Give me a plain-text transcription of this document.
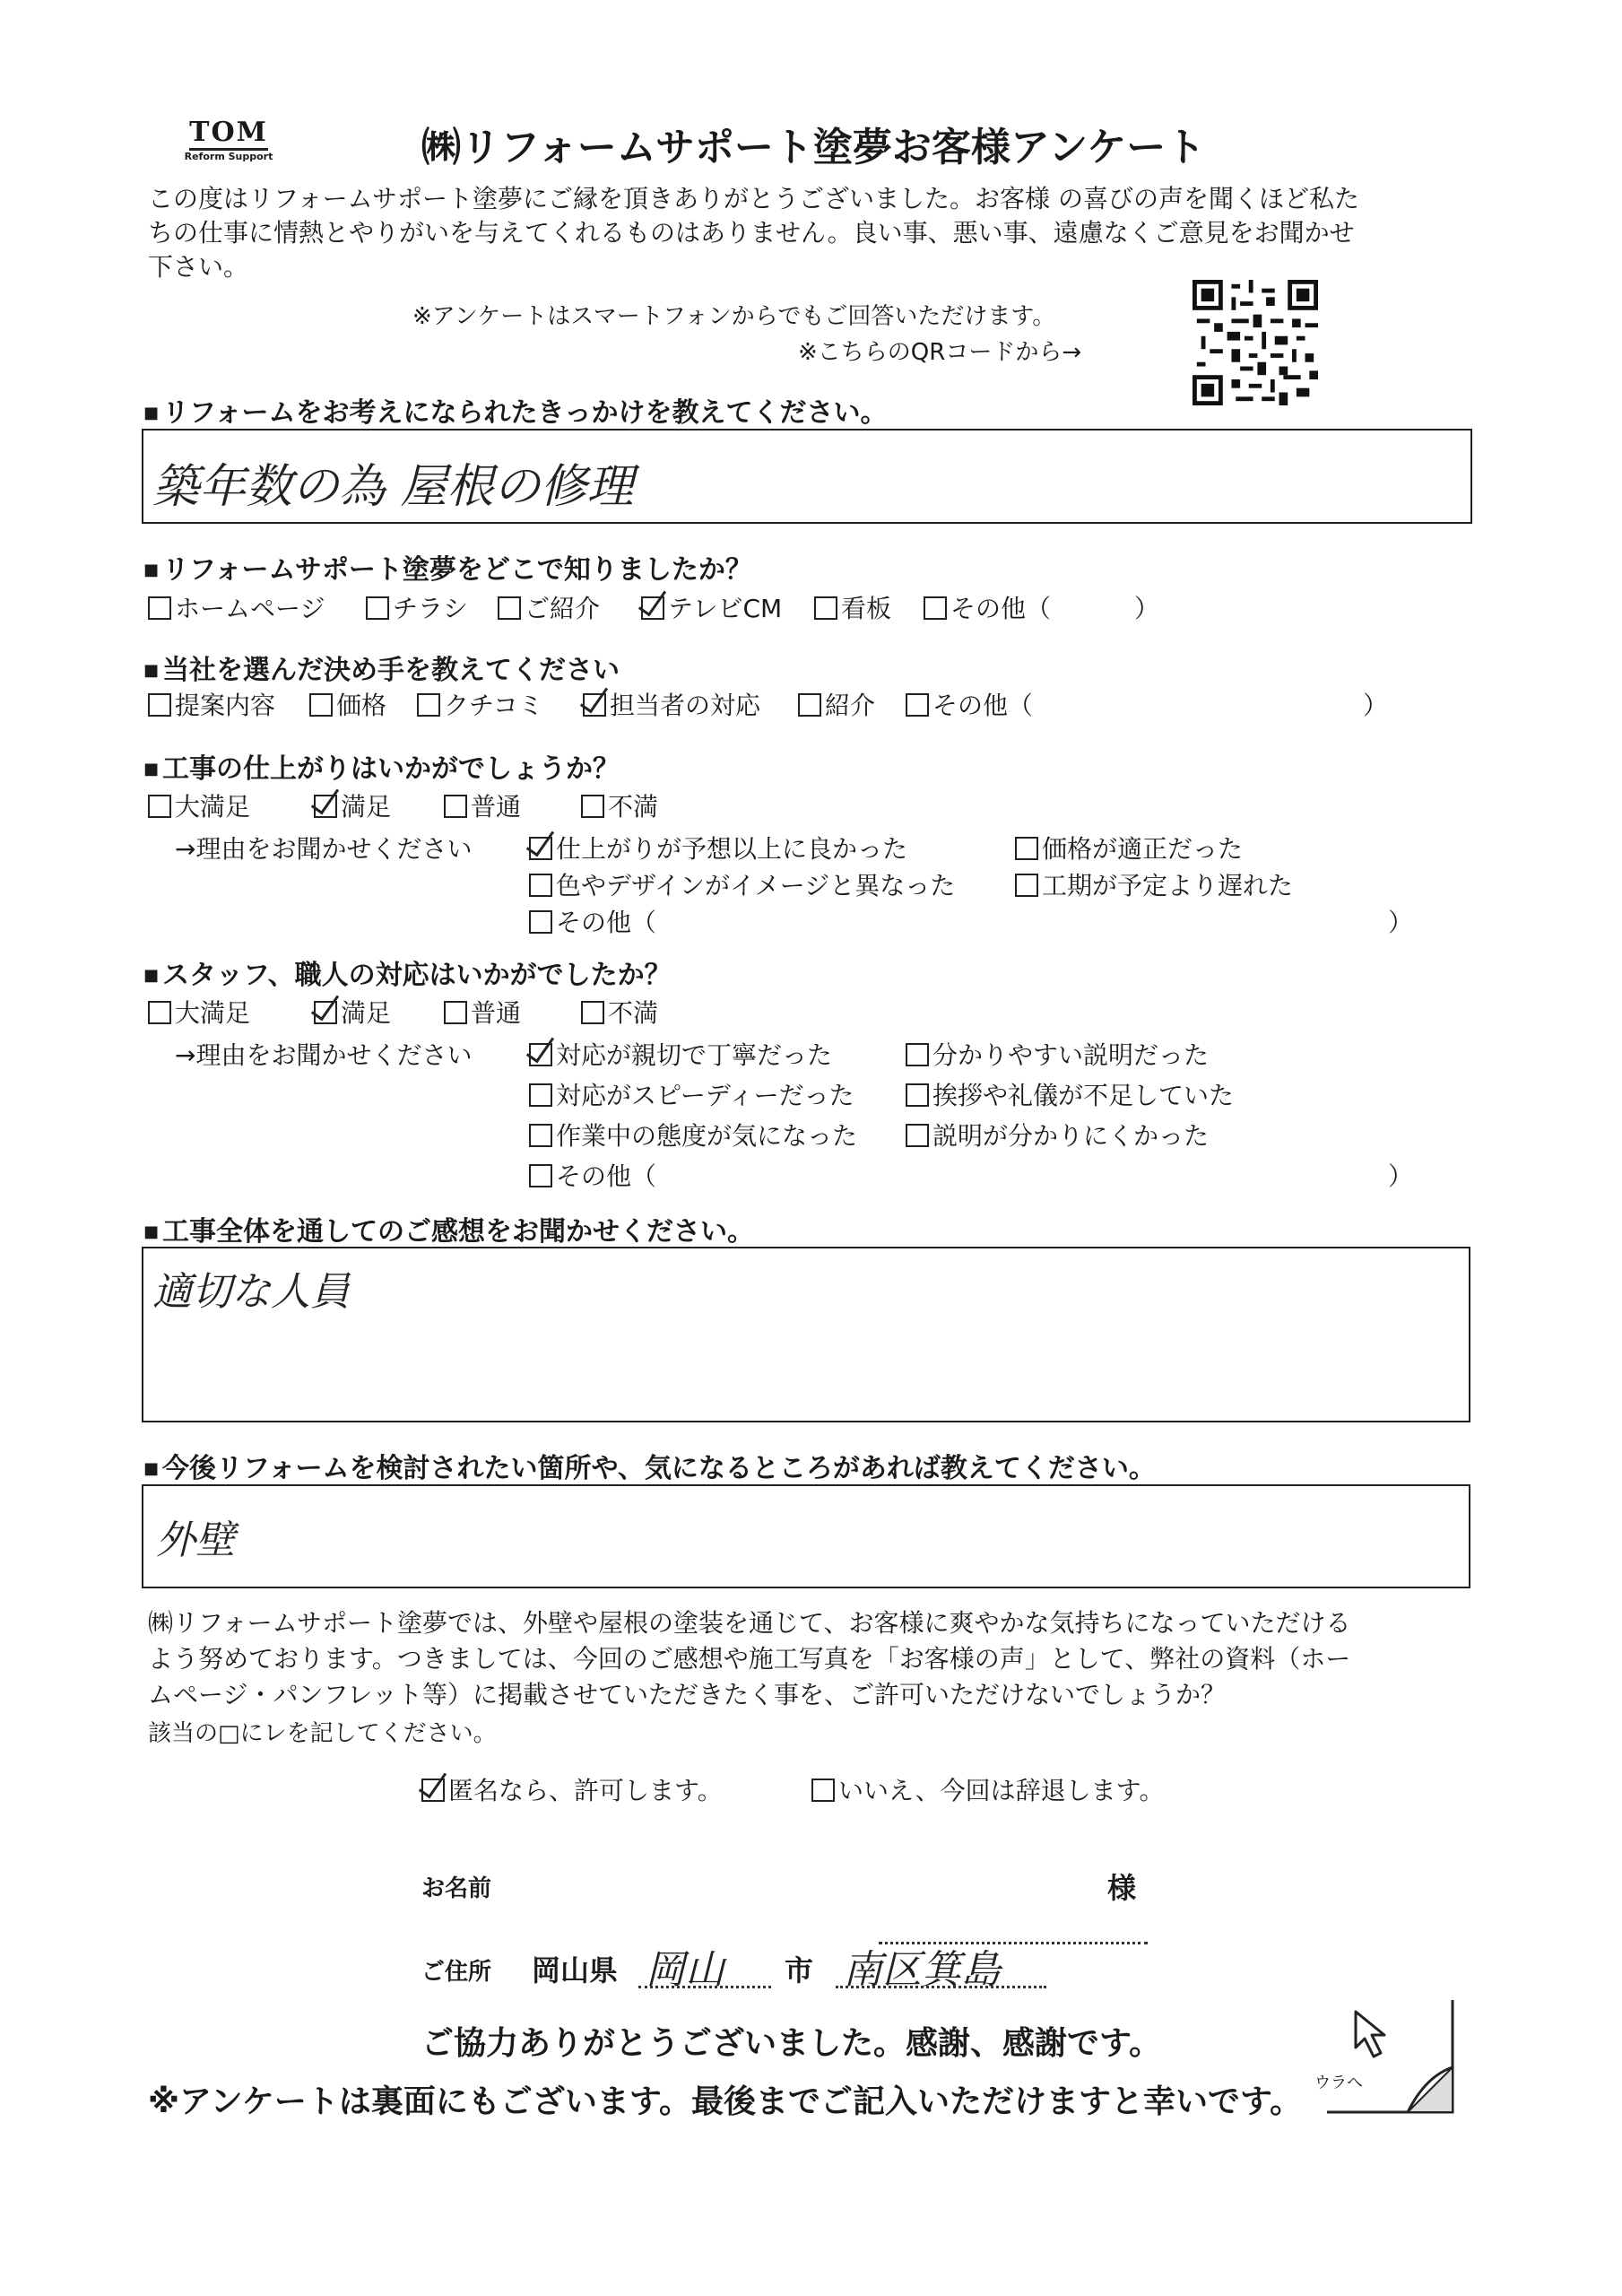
TOM
Reform Support	㈱リフォームサポート塗夢お客様アンケート
この度はリフォームサポート塗夢にご縁を頂きありがとうございました。お客様 の喜びの声を聞くほど私た
ちの仕事に情熱とやりがいを与えてくれるものはありません。良い事、悪い事、遠慮なくご意見をお聞かせ
下さい。
※アンケートはスマートフォンからでもご回答いただけます。
※こちらのQRコードから→
■ リフォームをお考えになられたきっかけを教えてください。
築年数の為 屋根の修理
■ リフォームサポート塗夢をどこで知りましたか？
ホームページ	チラシ	ご紹介	テレビCM	看板	その他（	）
■ 当社を選んだ決め手を教えてください
提案内容	価格	クチコミ	担当者の対応	紹介	その他（	）
■ 工事の仕上がりはいかがでしょうか？
大満足	満足	普通	不満
→理由をお聞かせください	仕上がりが予想以上に良かった	価格が適正だった
色やデザインがイメージと異なった	工期が予定より遅れた
その他（	）
■ スタッフ、職人の対応はいかがでしたか？
大満足	満足	普通	不満
→理由をお聞かせください	対応が親切で丁寧だった	分かりやすい説明だった
対応がスピーディーだった	挨拶や礼儀が不足していた
作業中の態度が気になった	説明が分かりにくかった
その他（	）
■ 工事全体を通してのご感想をお聞かせください。
適切な人員
■ 今後リフォームを検討されたい箇所や、気になるところがあれば教えてください。
外壁
㈱リフォームサポート塗夢では、外壁や屋根の塗装を通じて、お客様に爽やかな気持ちになっていただける
よう努めております。つきましては、今回のご感想や施工写真を「お客様の声」として、弊社の資料（ホー
ムページ・パンフレット等）に掲載させていただきたく事を、ご許可いただけないでしょうか？
該当の□にレを記してください。
匿名なら、許可します。	いいえ、今回は辞退します。
お名前	様
ご住所 岡山県 岡山 市 南区箕島
ご協力ありがとうございました。感謝、感謝です。
※アンケートは裏面にもございます。最後までご記入いただけますと幸いです。
ウラへ
